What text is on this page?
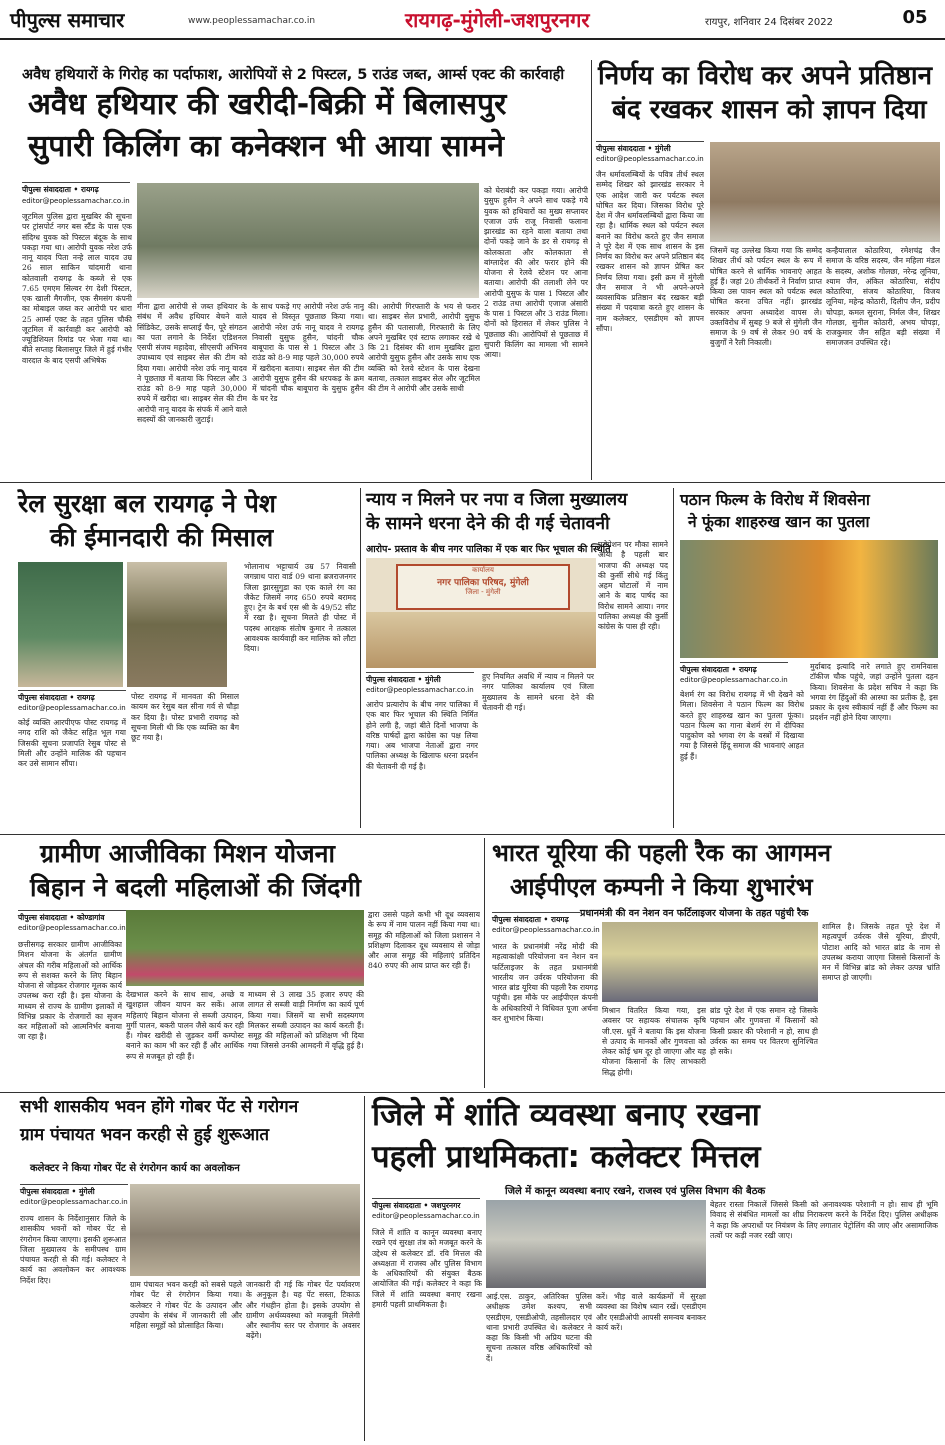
पीपुल्स समाचार	www.peoplessamachar.co.in	रायगढ़-मुंगेली-जशपुरनगर	रायपुर, शनिवार 24 दिसंबर 2022	05
अवैध हथियारों के गिरोह का पर्दाफाश, आरोपियों से 2 पिस्टल, 5 राउंड जब्त, आर्म्स एक्ट की कार्रवाही
अवैध हथियार की खरीदी-बिक्री में बिलासपुर
सुपारी किलिंग का कनेक्शन भी आया सामने
पीपुल्स संवाददाता • रायगढ़
editor@peoplessamachar.co.in
जूटमिल पुलिस द्वारा मुखबिर की सूचना पर ट्रांसपोर्ट नगर बस स्टैंड के पास एक संदिग्ध युवक को पिस्टल बंदूक के साथ पकड़ा गया था। आरोपी युवक नरेश उर्फ नानू यादव पिता नन्हे लाल यादव उम्र 26 साल साकिन चांदमारी थाना कोतवाली रायगढ़ के कब्जे से एक 7.65 एमएम सिल्वर रंग देशी पिस्टल, एक खाली मैगजीन, एक सैमसंग कंपनी का मोबाइल जब्त कर आरोपी पर धारा 25 आर्म्स एक्ट के तहत पुलिस चौकी जूटमिल में कार्रवाही कर आरोपी को ज्यूडिशियल रिमांड पर भेजा गया था। बीते सप्ताह बिलासपुर जिले में हुई गंभीर वारदात के बाद एसपी अभिषेक
मीना द्वारा आरोपी से जब्त हथियार के संबंध में अवैध हथियार बेचने वाले सिंडिकेट, उसके सप्लाई चैन, पूरे संगठन का पता लगाने के निर्देश एडिशनल एसपी संजय महादेवा, सीएसपी अभिनव उपाध्याय एवं साइबर सेल की टीम को दिया गया। आरोपी नरेश उर्फ नानू यादव ने पूछताछ में बताया कि पिस्टल और 3 राउंड को 8-9 माह पहले 30,000 रुपये में खरीदा था। साइबर सेल की टीम आरोपी नानू यादव के संपर्क में आने वाले सदस्यों की जानकारी जुटाई।
के साथ पकड़े गए आरोपी नरेश उर्फ नानू यादव से विस्तृत पूछताछ किया गया। आरोपी नरेश उर्फ नानू यादव ने रायगढ़ निवासी युसुफ हुसैन, चांदनी चौक बाबूपारा के पास से 1 पिस्टल और 3 राउंड को 8-9 माह पहले 30,000 रुपये में खरीदना बताया। साइबर सेल की टीम आरोपी युसुफ हुसैन की धरपकड़ के क्रम में चांदनी चौक बाबूपारा के युसुफ हुसैन के घर रेड
की। आरोपी गिरफ्तारी के भय से फरार था। साइबर सेल प्रभारी, आरोपी युसुफ हुसैन की पतासाजी, गिरफ्तारी के लिए अपने मुखबिर एवं स्टाफ लगाकर रखे थे कि 21 दिसंबर की शाम मुखबिर द्वारा आरोपी युसुफ हुसैन और उसके साथ एक व्यक्ति को रेलवे स्टेशन के पास देखना बताया, तत्काल साइबर सेल और जूटमिल की टीम ने आरोपी और उसके साथी
को घेराबंदी कर पकड़ा गया। आरोपी युसुफ हुसैन ने अपने साथ पकड़े गये युवक को हथियारों का मुख्य सप्लायर एजाज उर्फ राजू निवासी फलाना झारखंड का रहने वाला बताया तथा दोनों पकड़े जाने के डर से रायगढ़ से कोलकाता और कोलकाता से बांग्लादेश की ओर फरार होने की योजना से रेलवे स्टेशन पर आना बताया। आरोपी की तलाशी लेने पर आरोपी युसुफ के पास 1 पिस्टल और 2 राउंड तथा आरोपी एजाज अंसारी के पास 1 पिस्टल और 3 राउंड मिला। दोनों को हिरासत में लेकर पुलिस ने पूछताछ की। आरोपियों से पूछताछ में सुपारी किलिंग का मामला भी सामने आया।
निर्णय का विरोध कर अपने प्रतिष्ठान
बंद रखकर शासन को ज्ञापन दिया
पीपुल्स संवाददाता • मुंगेली
editor@peoplessamachar.co.in
जैन धर्मावलम्बियों के पवित्र तीर्थ स्थल सम्मेद शिखर को झारखंड सरकार ने एक आदेश जारी कर पर्यटक स्थल घोषित कर दिया। जिसका विरोध पूरे देश में जैन धर्मावलम्बियों द्वारा किया जा रहा है। धार्मिक स्थल को पर्यटन स्थल बनाने का विरोध करते हुए जैन समाज ने पूरे देश में एक साथ शासन के इस निर्णय का विरोध कर अपने प्रतिष्ठान बंद रखकर शासन को ज्ञापन प्रेषित कर निर्णय लिया गया। इसी क्रम में मुंगेली जैन समाज ने भी अपने-अपने व्यवसायिक प्रतिष्ठान बंद रखकर बड़ी संख्या में पदयात्रा करते हुए शासन के नाम कलेक्टर, एसडीएम को ज्ञापन सौंपा।
जिसमें यह उल्लेख किया गया कि सम्मेद शिखर तीर्थ को पर्यटन स्थल के रूप में घोषित करने से धार्मिक भावनाएं आहत हुई हैं। जहां 20 तीर्थंकरों ने निर्वाण प्राप्त किया उस पावन स्थल को पर्यटक स्थल घोषित करना उचित नहीं। झारखंड सरकार अपना अध्यादेश वापस ले। उक्तविरोध में सुबह 9 बजे से मुंगेली जैन समाज के 9 वर्ष से लेकर 90 वर्ष के बुजुर्गों ने रैली निकाली।
कन्हैयालाल कोठारिया, रमेशचंद्र जैन समाज के वरिष्ठ सदस्य, जैन महिला मंडल के सदस्य, अशोक गोलछा, नरेन्द्र लूनिया, श्याम जैन, अंकित कोठारिया, संदीप कोठारिया, संजय कोठारिया, विजय लूनिया, महेन्द्र कोठारी, दिलीप जैन, प्रदीप चोपड़ा, कमल सुराना, निर्मल जैन, शिखर गोलछा, सुनील कोठारी, अभय चोपड़ा, राजकुमार जैन सहित बड़ी संख्या में समाजजन उपस्थित रहे।
रेल सुरक्षा बल रायगढ़ ने पेश
की ईमानदारी की मिसाल
पीपुल्स संवाददाता • रायगढ़
editor@peoplessamachar.co.in
कोई व्यक्ति आरपीएफ पोस्ट रायगढ़ में नगद राशि को जैकेट सहित भूल गया जिसकी सूचना प्रजापति रेसुब पोस्ट से मिली और उन्होंने मालिक की पहचान कर उसे सामान सौंपा।
पोस्ट रायगढ़ में मानवता की मिसाल कायम कर रेसुब बल सीना गर्व से चौड़ा कर दिया है। पोस्ट प्रभारी रायगढ़ को सूचना मिली थी कि एक व्यक्ति का बैग छूट गया है।
भोलानाथ भट्टाचार्य उम्र 57 निवासी जगन्नाथ पारा वार्ड 09 थाना ब्रजराजनगर जिला झारसुगुडा का एक काले रंग का जैकेट जिसमें नगद 650 रुपये बरामद हुए। ट्रेन के बर्थ एस श्री के 49/52 सीट में रखा है। सूचना मिलते ही पोस्ट में पदस्थ आरक्षक संतोष कुमार ने तत्काल आवश्यक कार्यवाही कर मालिक को लौटा दिया।
न्याय न मिलने पर नपा व जिला मुख्यालय
के सामने धरना देने की दी गई चेतावनी
आरोप- प्रस्ताव के बीच नगर पालिका में एक बार फिर भूचाल की स्थिति
कार्यालय
नगर पालिका परिषद, मुंगेली
जिला - मुंगेली
पीपुल्स संवाददाता • मुंगेली
editor@peoplessamachar.co.in
आरोप प्रत्यारोप के बीच नगर पालिका में एक बार फिर भूचाल की स्थिति निर्मित होने लगी है, जहां बीते दिनों भाजपा के वरिष्ठ पार्षदों द्वारा कांग्रेस का पक्ष लिया गया। अब भाजपा नेताओं द्वारा नगर पालिका अध्यक्ष के खिलाफ धरना प्रदर्शन की चेतावनी दी गई है।
हुए नियमित अवधि में न्याय न मिलने पर नगर पालिका कार्यालय एवं जिला मुख्यालय के सामने धरना देने की चेतावनी दी गई।
परोपेशन पर मौका सामने आया है पहली बार भाजपा की अध्यक्ष पद की कुर्सी सीधे गई किंतु अहम घोटालों में नाम आने के बाद पार्षद का विरोध सामने आया। नगर पालिका अध्यक्ष की कुर्सी कांग्रेस के पास ही रही।
पठान फिल्म के विरोध में शिवसेना
ने फूंका शाहरुख खान का पुतला
पीपुल्स संवाददाता • रायगढ़
editor@peoplessamachar.co.in
बेशर्म रंग का विरोध रायगढ़ में भी देखने को मिला। शिवसेना ने पठान फिल्म का विरोध करते हुए शाहरुख खान का पुतला फूंका। पठान फिल्म का गाना बेशर्म रंग में दीपिका पादुकोण को भगवा रंग के वस्त्रों में दिखाया गया है जिससे हिंदू समाज की भावनाएं आहत हुई हैं।
मुर्दाबाद इत्यादि नारे लगाते हुए रामनिवास टॉकीज चौक पहुंचे, जहां उन्होंने पुतला दहन किया। शिवसेना के प्रदेश सचिव ने कहा कि भगवा रंग हिंदुओं की आस्था का प्रतीक है, इस प्रकार के दृश्य स्वीकार्य नहीं हैं और फिल्म का प्रदर्शन नहीं होने दिया जाएगा।
ग्रामीण आजीविका मिशन योजना
बिहान ने बदली महिलाओं की जिंदगी
पीपुल्स संवाददाता • कोण्डागांव
editor@peoplessamachar.co.in
छत्तीसगढ़ सरकार ग्रामीण आजीविका मिशन योजना के अंतर्गत ग्रामीण अंचल की गरीब महिलाओं को आर्थिक रूप से सशक्त करने के लिए बिहान योजना से जोड़कर रोजगार मूलक कार्य उपलब्ध करा रही है। इस योजना के माध्यम से राज्य के ग्रामीण इलाकों में विभिन्न प्रकार के रोजगारों का सृजन कर महिलाओं को आत्मनिर्भर बनाया जा रहा है।
देखभाल करने के साथ साथ, अच्छे व खुशहाल जीवन यापन कर सकें। आज महिलाएं बिहान योजना से सब्जी उत्पादन, मुर्गी पालन, बकरी पालन जैसे कार्य कर रही हैं। गोबर खरीदी से जुड़कर वर्मी कम्पोस्ट बनाने का काम भी कर रही हैं और आर्थिक रूप से मजबूत हो रही हैं।
माध्यम से 3 लाख 35 हजार रुपए की लागत से सब्जी वाड़ी निर्माण का कार्य पूर्ण किया गया। जिसमें या सभी सदस्यगण मिलकर सब्जी उत्पादन का कार्य करती हैं। समूह की महिलाओं को प्रशिक्षण भी दिया गया जिससे उनकी आमदनी में वृद्धि हुई है।
द्वारा उससे पहले कभी भी दूध व्यवसाय के रूप में नाम पालन नहीं किया गया था। समूह की महिलाओं को जिला प्रशासन ने प्रशिक्षण दिलाकर दूध व्यवसाय से जोड़ा और आज समूह की महिलाएं प्रतिदिन 840 रुपए की आय प्राप्त कर रही हैं।
भारत यूरिया की पहली रैक का आगमन
आईपीएल कम्पनी ने किया शुभारंभ
प्रधानमंत्री की वन नेशन वन फर्टिलाइजर योजना के तहत पहुंची रैक
पीपुल्स संवाददाता • रायगढ़
editor@peoplessamachar.co.in
भारत के प्रधानमंत्री नरेंद्र मोदी की महत्वाकांक्षी परियोजना वन नेशन वन फर्टिलाइजर के तहत प्रधानमंत्री भारतीय जन उर्वरक परियोजना की भारत ब्रांड यूरिया की पहली रैक रायगढ़ पहुंची। इस मौके पर आईपीएल कंपनी के अधिकारियों ने विधिवत पूजा अर्चना कर शुभारंभ किया।
मिश्रान वितरित किया गया, इस अवसर पर सहायक संचालक कृषि जी.एस. धुर्वे ने बताया कि इस योजना से उत्पाद के मानकों और गुणवत्ता को लेकर कोई भ्रम दूर हो जाएगा और यह योजना किसानों के लिए लाभकारी सिद्ध होगी।
ब्रांड पूरे देश में एक समान रहे जिसके पहचान और गुणवत्ता में किसानों को किसी प्रकार की परेशानी न हो, साथ ही उर्वरक का समय पर वितरण सुनिश्चित हो सके।
शामिल है। जिसके तहत पूरे देश में महत्वपूर्ण उर्वरक जैसे यूरिया, डीएपी, पोटाश आदि को भारत ब्रांड के नाम से उपलब्ध कराया जाएगा जिससे किसानों के मन में विभिन्न ब्रांड को लेकर उत्पन्न भ्रांति समाप्त हो जाएगी।
सभी शासकीय भवन होंगे गोबर पेंट से गरोगन
ग्राम पंचायत भवन करही से हुई शुरूआत
कलेक्टर ने किया गोबर पेंट से रंगरोगन कार्य का अवलोकन
पीपुल्स संवाददाता • मुंगेली
editor@peoplessamachar.co.in
राज्य शासन के निर्देशानुसार जिले के शासकीय भवनों को गोबर पेंट से रंगरोगन किया जाएगा। इसकी शुरूआत जिला मुख्यालय के समीपस्थ ग्राम पंचायत करही से की गई। कलेक्टर ने कार्य का अवलोकन कर आवश्यक निर्देश दिए।	ग्राम पंचायत भवन करही को सबसे पहले गोबर पेंट से रंगरोगन किया गया। कलेक्टर ने गोबर पेंट के उत्पादन और उपयोग के संबंध में जानकारी ली और महिला समूहों को प्रोत्साहित किया।
जानकारी दी गई कि गोबर पेंट पर्यावरण के अनुकूल है। यह पेंट सस्ता, टिकाऊ और गंधहीन होता है। इसके उपयोग से ग्रामीण अर्थव्यवस्था को मजबूती मिलेगी और स्थानीय स्तर पर रोजगार के अवसर बढ़ेंगे।
जिले में शांति व्यवस्था बनाए रखना
पहली प्राथमिकता: कलेक्टर मित्तल
जिले में कानून व्यवस्था बनाए रखने, राजस्व एवं पुलिस विभाग की बैठक
पीपुल्स संवाददाता • जशपुरनगर
editor@peoplessamachar.co.in
जिले में शांति व कानून व्यवस्था बनाए रखने एवं सुरक्षा तंत्र को मजबूत करने के उद्देश्य से कलेक्टर डॉ. रवि मित्तल की अध्यक्षता में राजस्व और पुलिस विभाग के अधिकारियों की संयुक्त बैठक आयोजित की गई। कलेक्टर ने कहा कि जिले में शांति व्यवस्था बनाए रखना हमारी पहली प्राथमिकता है।
आई.एस. ठाकुर, अतिरिक्त पुलिस अधीक्षक उमेश कश्यप, सभी एसडीएम, एसडीओपी, तहसीलदार एवं थाना प्रभारी उपस्थित थे। कलेक्टर ने कहा कि किसी भी अप्रिय घटना की सूचना तत्काल वरिष्ठ अधिकारियों को दें।
करें। भीड़ वाले कार्यक्रमों में सुरक्षा व्यवस्था का विशेष ध्यान रखें। एसडीएम और एसडीओपी आपसी समन्वय बनाकर कार्य करें।
बेहतर रास्ता निकालें जिससे किसी को अनावश्यक परेशानी न हो। साथ ही भूमि विवाद से संबंधित मामलों का शीघ्र निराकरण करने के निर्देश दिए। पुलिस अधीक्षक ने कहा कि अपराधों पर नियंत्रण के लिए लगातार पेट्रोलिंग की जाए और असामाजिक तत्वों पर कड़ी नजर रखी जाए।
